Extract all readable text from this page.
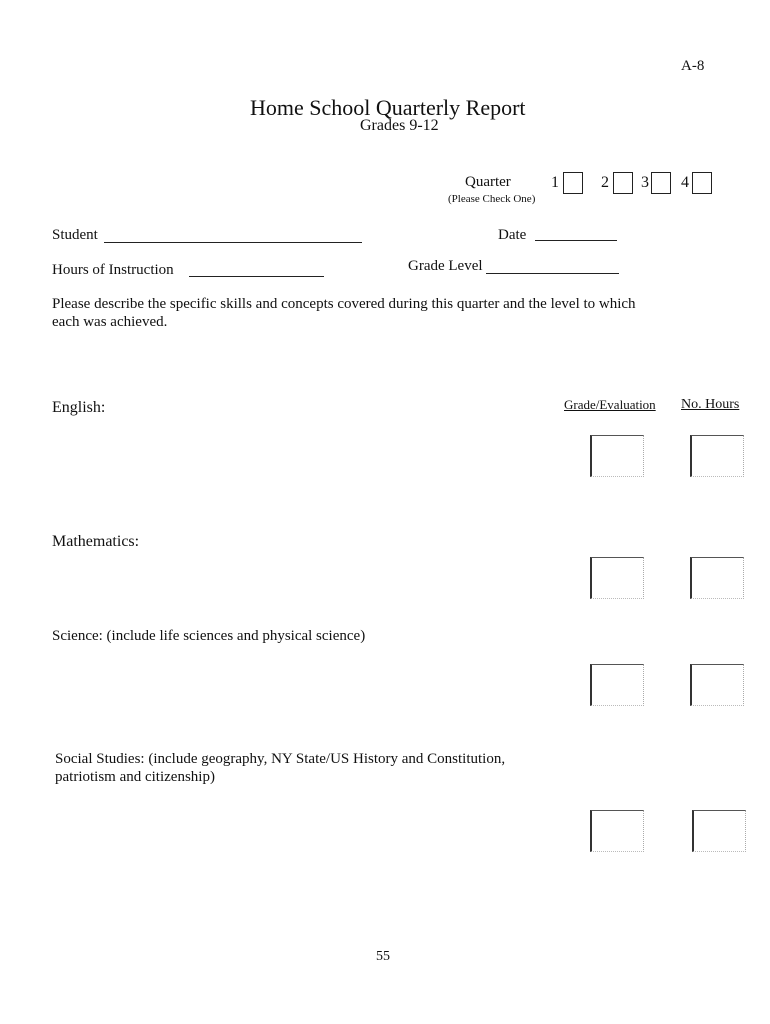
A-8
Home School Quarterly Report
Grades 9-12
Quarter
(Please Check One)
1	2 3 4
Student	Date
Hours of Instruction	Grade Level
Please describe the specific skills and concepts covered during this quarter and the level to which
each was achieved.
Grade/Evaluation No. Hours
English:
Mathematics:
Science: (include life sciences and physical science)
Social Studies: (include geography, NY State/US History and Constitution,
patriotism and citizenship)
55
